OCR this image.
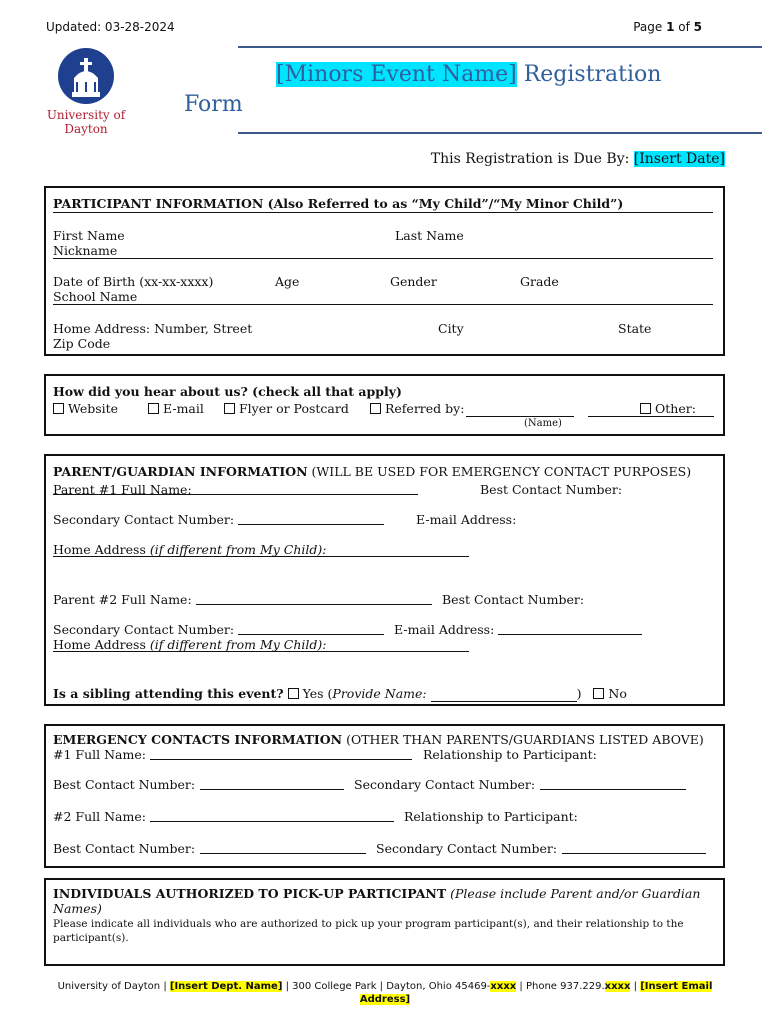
Updated: 03-28-2024	Page 1 of 5
University of
Dayton
[Minors Event Name] Registration
Form
This Registration is Due By: [Insert Date]
PARTICIPANT INFORMATION (Also Referred to as “My Child”/“My Minor Child”)
First Name	Last Name
Nickname
Date of Birth (xx-xx-xxxx)	Age	Gender	Grade
School Name
Home Address: Number, Street	City	State
Zip Code
How did you hear about us? (check all that apply)
Website	E-mail	Flyer or Postcard	Referred by:	Other:
(Name)
PARENT/GUARDIAN INFORMATION (WILL BE USED FOR EMERGENCY CONTACT PURPOSES)
Parent #1 Full Name:	Best Contact Number:
Secondary Contact Number:	E-mail Address:
Home Address (if different from My Child):
Parent #2 Full Name:	Best Contact Number:
Secondary Contact Number:	E-mail Address:
Home Address (if different from My Child):
Is a sibling attending this event? Yes (Provide Name:	) No
EMERGENCY CONTACTS INFORMATION (OTHER THAN PARENTS/GUARDIANS LISTED ABOVE)
#1 Full Name:	Relationship to Participant:
Best Contact Number:	Secondary Contact Number:
#2 Full Name:	Relationship to Participant:
Best Contact Number:	Secondary Contact Number:
INDIVIDUALS AUTHORIZED TO PICK-UP PARTICIPANT (Please include Parent and/or Guardian Names)
Please indicate all individuals who are authorized to pick up your program participant(s), and their relationship to the participant(s).
University of Dayton | [Insert Dept. Name] | 300 College Park | Dayton, Ohio 45469-xxxx | Phone 937.229.xxxx | [Insert Email Address]
